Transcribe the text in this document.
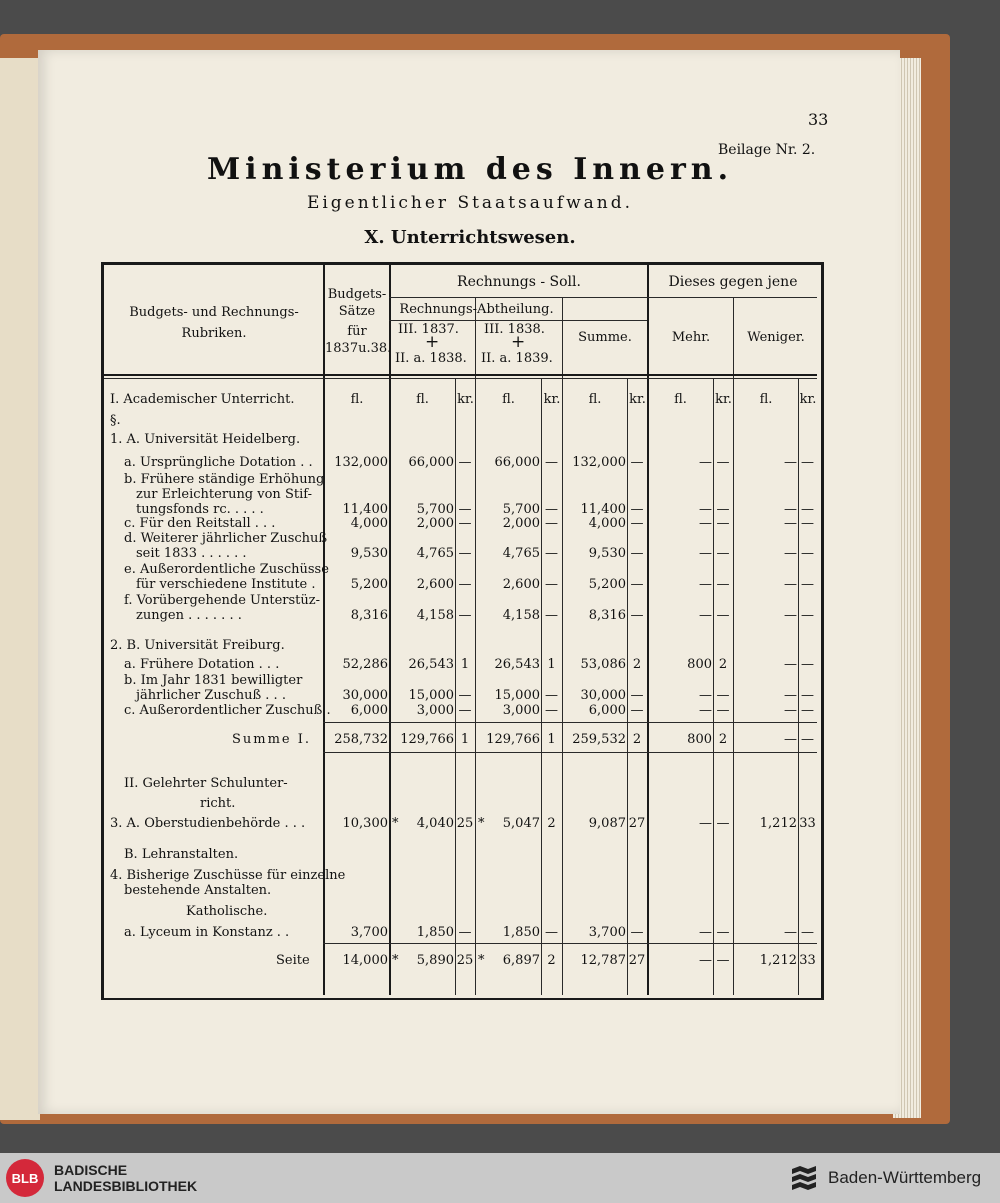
33
Beilage Nr. 2.
Ministerium des Innern.
Eigentlicher Staatsaufwand.
X. Unterrichtswesen.
Budgets- und Rechnungs-
Rubriken.
Budgets-
Sätze
für
1837u.38.
Rechnungs - Soll.
Rechnungs-Abtheilung.
III. 1837.
+
II. a. 1838.
III. 1838.
+
II. a. 1839.
Summe.
Dieses gegen jene
Mehr.	Weniger.
fl.	fl.	kr.	fl.	kr.	fl.	kr.	fl.	kr.	fl.	kr.
I. Academischer Unterricht.
§.
1. A. Universität Heidelberg.
a. Ursprüngliche Dotation . .	132,000	66,000 —	66,000 —	132,000 —	— —	— —
b. Frühere ständige Erhöhung
zur Erleichterung von Stif-
tungsfonds rc. . . . .	11,400	5,700 —	5,700 —	11,400 —	— —	— —
c. Für den Reitstall . . .	4,000	2,000 —	2,000 —	4,000 —	— —	— —
d. Weiterer jährlicher Zuschuß
seit 1833 . . . . . .	9,530	4,765 —	4,765 —	9,530 —	— —	— —
e. Außerordentliche Zuschüsse
für verschiedene Institute .	5,200	2,600 —	2,600 —	5,200 —	— —	— —
f. Vorübergehende Unterstüz-
zungen . . . . . . .	8,316	4,158 —	4,158 —	8,316 —	— —	— —
2. B. Universität Freiburg.
a. Frühere Dotation . . .	52,286	26,543 1	26,543 1	53,086 2	800 2	— —
b. Im Jahr 1831 bewilligter
jährlicher Zuschuß . . .	30,000	15,000 —	15,000 —	30,000 —	— —	— —
c. Außerordentlicher Zuschuß .	6,000	3,000 —	3,000 —	6,000 —	— —	— —
Summe I.	258,732 129,766 1	129,766 1	259,532 2	800 2	— —
II. Gelehrter Schulunter-
richt.
3. A. Oberstudienbehörde . . .	10,300 *	4,040 25 *	5,047 2	9,087 27	— —	1,212 33
B. Lehranstalten.
4. Bisherige Zuschüsse für einzelne
bestehende Anstalten.
Katholische.
a. Lyceum in Konstanz . .	3,700	1,850 —	1,850 —	3,700 —	— —	— —
Seite	14,000 *	5,890 25 *	6,897 2	12,787 27	— —	1,212 33
BLB	BADISCHE
LANDESBIBLIOTHEK	Baden-Württemberg
